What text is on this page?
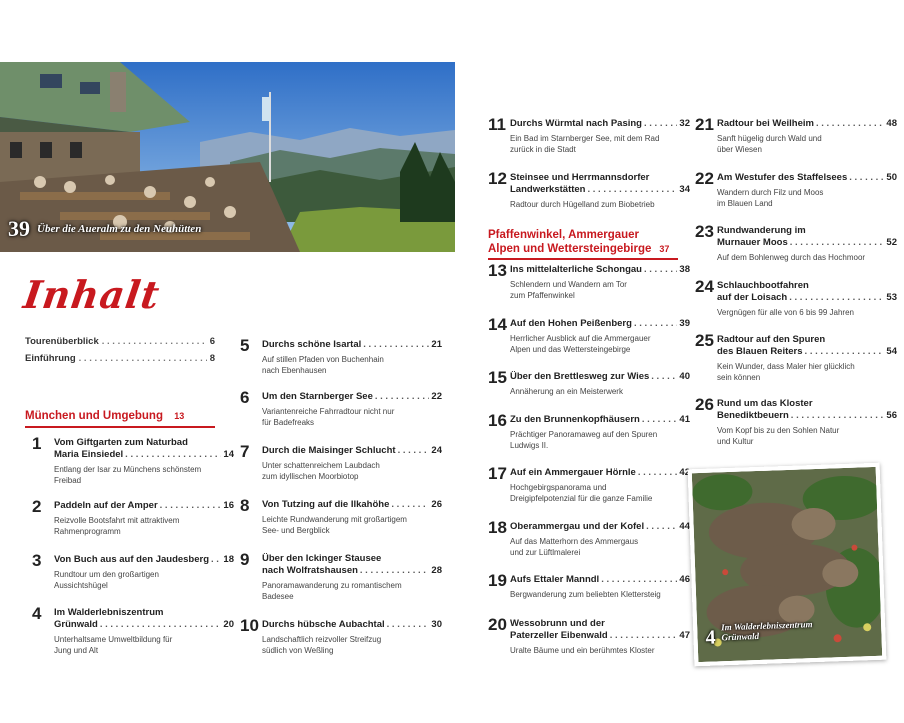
39 Über die Aueralm zu den Neuhütten
Inhalt
Tourenüberblick . . .	6
Einführung . . .	8
München und Umgebung 13
Pfaffenwinkel, Ammergauer
Alpen und Wettersteingebirge 37
1 Vom Giftgarten zum Naturbad
Maria Einsiedel . . .	14
Entlang der Isar zu Münchens schönstem
Freibad
2 Paddeln auf der Amper . . .	16
Reizvolle Bootsfahrt mit attraktivem
Rahmenprogramm
3 Von Buch aus auf den Jaudesberg . . . 18
Rundtour um den großartigen
Aussichtshügel
4 Im Walderlebniszentrum
Grünwald . . .	20
Unterhaltsame Umweltbildung für
Jung und Alt
5 Durchs schöne Isartal . . .	21
Auf stillen Pfaden von Buchenhain
nach Ebenhausen
6 Um den Starnberger See . . .	22
Variantenreiche Fahrradtour nicht nur
für Badefreaks
7 Durch die Maisinger Schlucht . . .	24
Unter schattenreichem Laubdach
zum idyllischen Moorbiotop
8 Von Tutzing auf die Ilkahöhe . . .	26
Leichte Rundwanderung mit großartigem
See- und Bergblick
9 Über den Ickinger Stausee
nach Wolfratshausen . . .	28
Panoramawanderung zu romantischem
Badesee
10 Durchs hübsche Aubachtal . . .	30
Landschaftlich reizvoller Streifzug
südlich von Weßling
11 Durchs Würmtal nach Pasing . . .	32
Ein Bad im Starnberger See, mit dem Rad
zurück in die Stadt
12 Steinsee und Herrmannsdorfer
Landwerkstätten . . .	34
Radtour durch Hügelland zum Biobetrieb
13 Ins mittelalterliche Schongau . . .	38
Schlendern und Wandern am Tor
zum Pfaffenwinkel
14 Auf den Hohen Peißenberg . . .	39
Herrlicher Ausblick auf die Ammergauer
Alpen und das Wettersteingebirge
15 Über den Brettlesweg zur Wies . . .	40
Annäherung an ein Meisterwerk
16 Zu den Brunnenkopfhäusern . . .	41
Prächtiger Panoramaweg auf den Spuren
Ludwigs II.
17 Auf ein Ammergauer Hörnle . . .	42
Hochgebirgspanorama und
Dreigipfelpotenzial für die ganze Familie
18 Oberammergau und der Kofel . . .	44
Auf das Matterhorn des Ammergaus
und zur Lüftlmalerei
19 Aufs Ettaler Manndl . . .	46
Bergwanderung zum beliebten Klettersteig
20 Wessobrunn und der
Paterzeller Eibenwald . . .	47
Uralte Bäume und ein berühmtes Kloster
21 Radtour bei Weilheim . . .	48
Sanft hügelig durch Wald und
über Wiesen
22 Am Westufer des Staffelsees . . .	50
Wandern durch Filz und Moos
im Blauen Land
23 Rundwanderung im
Murnauer Moos . . .	52
Auf dem Bohlenweg durch das Hochmoor
24 Schlauchbootfahren
auf der Loisach . . .	53
Vergnügen für alle von 6 bis 99 Jahren
25 Radtour auf den Spuren
des Blauen Reiters . . .	54
Kein Wunder, dass Maler hier glücklich
sein können
26 Rund um das Kloster
Benediktbeuern . . .	56
Vom Kopf bis zu den Sohlen Natur
und Kultur
4
Im Walderlebniszentrum
Grünwald
